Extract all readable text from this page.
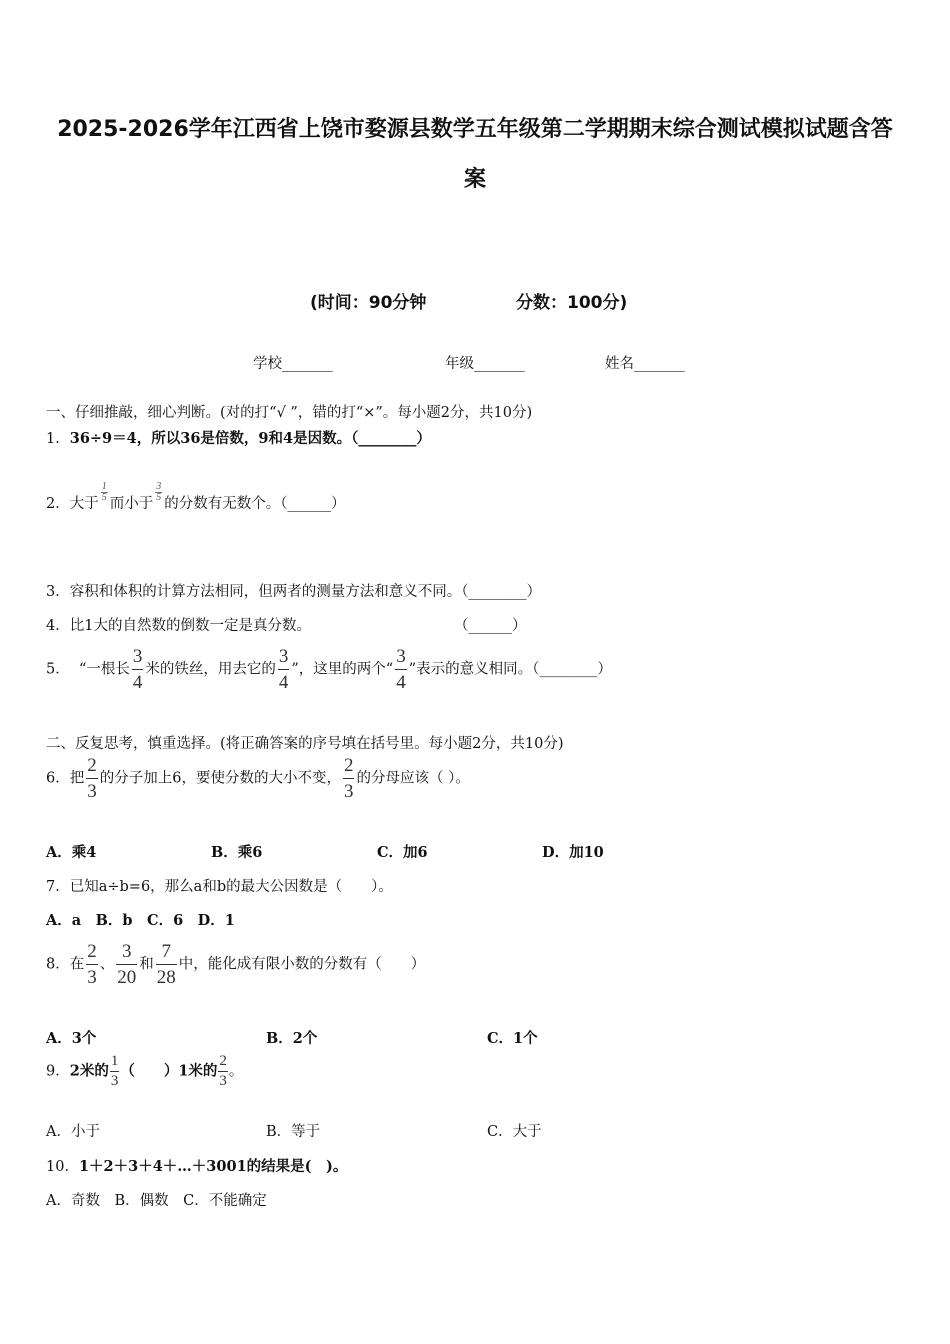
2025-2026学年江西省上饶市婺源县数学五年级第二学期期末综合测试模拟试题含答
案
(时间：90分钟	分数：100分)
学校_______	年级_______	姓名_______
一、仔细推敲，细心判断。(对的打“√ ”，错的打“×”。每小题2分，共10分)
1．36÷9＝4，所以36是倍数，9和4是因数。（________）
2．大于
$\frac{1}{5}$
而小于
$\frac{3}{5}$
的分数有无数个。（______）
3．容积和体积的计算方法相同，但两者的测量方法和意义不同。（________）
4．比1大的自然数的倒数一定是真分数。	（______）
5． “一根长 $\frac{3}{4}$ 米的铁丝，用去它的 $\frac{3}{4}$ ”，这里的两个“ $\frac{3}{4}$ ”表示的意义相同。（________）
二、反复思考，慎重选择。(将正确答案的序号填在括号里。每小题2分，共10分)
6．把 $\frac{2}{3}$ 的分子加上6，要使分数的大小不变， $\frac{2}{3}$ 的分母应该（ ）。
A．乘4	B．乘6	C．加6	D．加10
7．已知a÷b=6，那么a和b的最大公因数是（　　）。
A．a　B．b　C．6　D．1
8．在 $\frac{2}{3}$ 、 $\frac{3}{20}$ 和 $\frac{7}{28}$ 中，能化成有限小数的分数有（　　）
A．3个	B．2个	C．1个
9．2米的 $\frac{1}{3}$ （　　）1米的 $\frac{2}{3}$ 。
A．小于	B．等于	C．大于
10．1＋2＋3＋4＋…＋3001的结果是(　)。
A．奇数　B．偶数　C．不能确定
